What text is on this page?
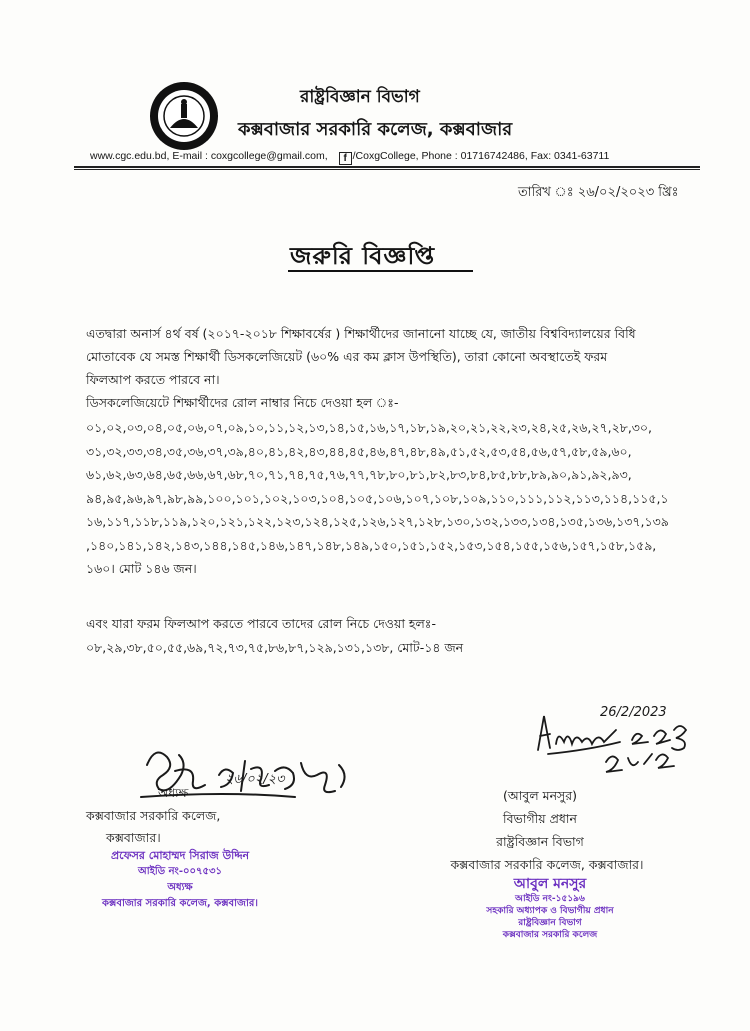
রাষ্ট্রবিজ্ঞান বিভাগ
কক্সবাজার সরকারি কলেজ, কক্সবাজার
www.cgc.edu.bd, E-mail : coxgcollege@gmail.com, f /CoxgCollege, Phone : 01716742486, Fax: 0341-63711
তারিখ ঃ ২৬/০২/২০২৩ খ্রিঃ
জরুরি বিজ্ঞপ্তি
এতদ্বারা অনার্স ৪র্থ বর্ষ (২০১৭-২০১৮ শিক্ষাবর্ষের ) শিক্ষার্থীদের জানানো যাচ্ছে যে, জাতীয় বিশ্ববিদ্যালয়ের বিধি
মোতাবেক যে সমস্ত শিক্ষার্থী ডিসকলেজিয়েট (৬০% এর কম ক্লাস উপস্থিতি), তারা কোনো অবস্থাতেই ফরম
ফিলআপ করতে পারবে না।
ডিসকলেজিয়েটে শিক্ষার্থীদের রোল নাম্বার নিচে দেওয়া হল ঃ-
০১,০২,০৩,০৪,০৫,০৬,০৭,০৯,১০,১১,১২,১৩,১৪,১৫,১৬,১৭,১৮,১৯,২০,২১,২২,২৩,২৪,২৫,২৬,২৭,২৮,৩০,
৩১,৩২,৩৩,৩৪,৩৫,৩৬,৩৭,৩৯,৪০,৪১,৪২,৪৩,৪৪,৪৫,৪৬,৪৭,৪৮,৪৯,৫১,৫২,৫৩,৫৪,৫৬,৫৭,৫৮,৫৯,৬০,
৬১,৬২,৬৩,৬৪,৬৫,৬৬,৬৭,৬৮,৭০,৭১,৭৪,৭৫,৭৬,৭৭,৭৮,৮০,৮১,৮২,৮৩,৮৪,৮৫,৮৮,৮৯,৯০,৯১,৯২,৯৩,
৯৪,৯৫,৯৬,৯৭,৯৮,৯৯,১০০,১০১,১০২,১০৩,১০৪,১০৫,১০৬,১০৭,১০৮,১০৯,১১০,১১১,১১২,১১৩,১১৪,১১৫,১
১৬,১১৭,১১৮,১১৯,১২০,১২১,১২২,১২৩,১২৪,১২৫,১২৬,১২৭,১২৮,১৩০,১৩২,১৩৩,১৩৪,১৩৫,১৩৬,১৩৭,১৩৯
,১৪০,১৪১,১৪২,১৪৩,১৪৪,১৪৫,১৪৬,১৪৭,১৪৮,১৪৯,১৫০,১৫১,১৫২,১৫৩,১৫৪,১৫৫,১৫৬,১৫৭,১৫৮,১৫৯,
১৬০। মোট ১৪৬ জন।
এবং যারা ফরম ফিলআপ করতে পারবে তাদের রোল নিচে দেওয়া হলঃ-
০৮,২৯,৩৮,৫০,৫৫,৬৯,৭২,৭৩,৭৫,৮৬,৮৭,১২৯,১৩১,১৩৮, মোট-১৪ জন
কক্সবাজার সরকারি কলেজ,
কক্সবাজার।
অধ্যক্ষ
২৬/০২/২৩
প্রফেসর মোহাম্মদ সিরাজ উদ্দিন
আইডি নং-০০৭৫৩১
অধ্যক্ষ
কক্সবাজার সরকারি কলেজ, কক্সবাজার।
26/2/2023
(আবুল মনসুর)
বিভাগীয় প্রধান
রাষ্ট্রবিজ্ঞান বিভাগ
কক্সবাজার সরকারি কলেজ, কক্সবাজার।
আবুল মনসুর
আইডি নং-১৫১৯৬
সহকারি অধ্যাপক ও বিভাগীয় প্রধান
রাষ্ট্রবিজ্ঞান বিভাগ
কক্সবাজার সরকারি কলেজ
